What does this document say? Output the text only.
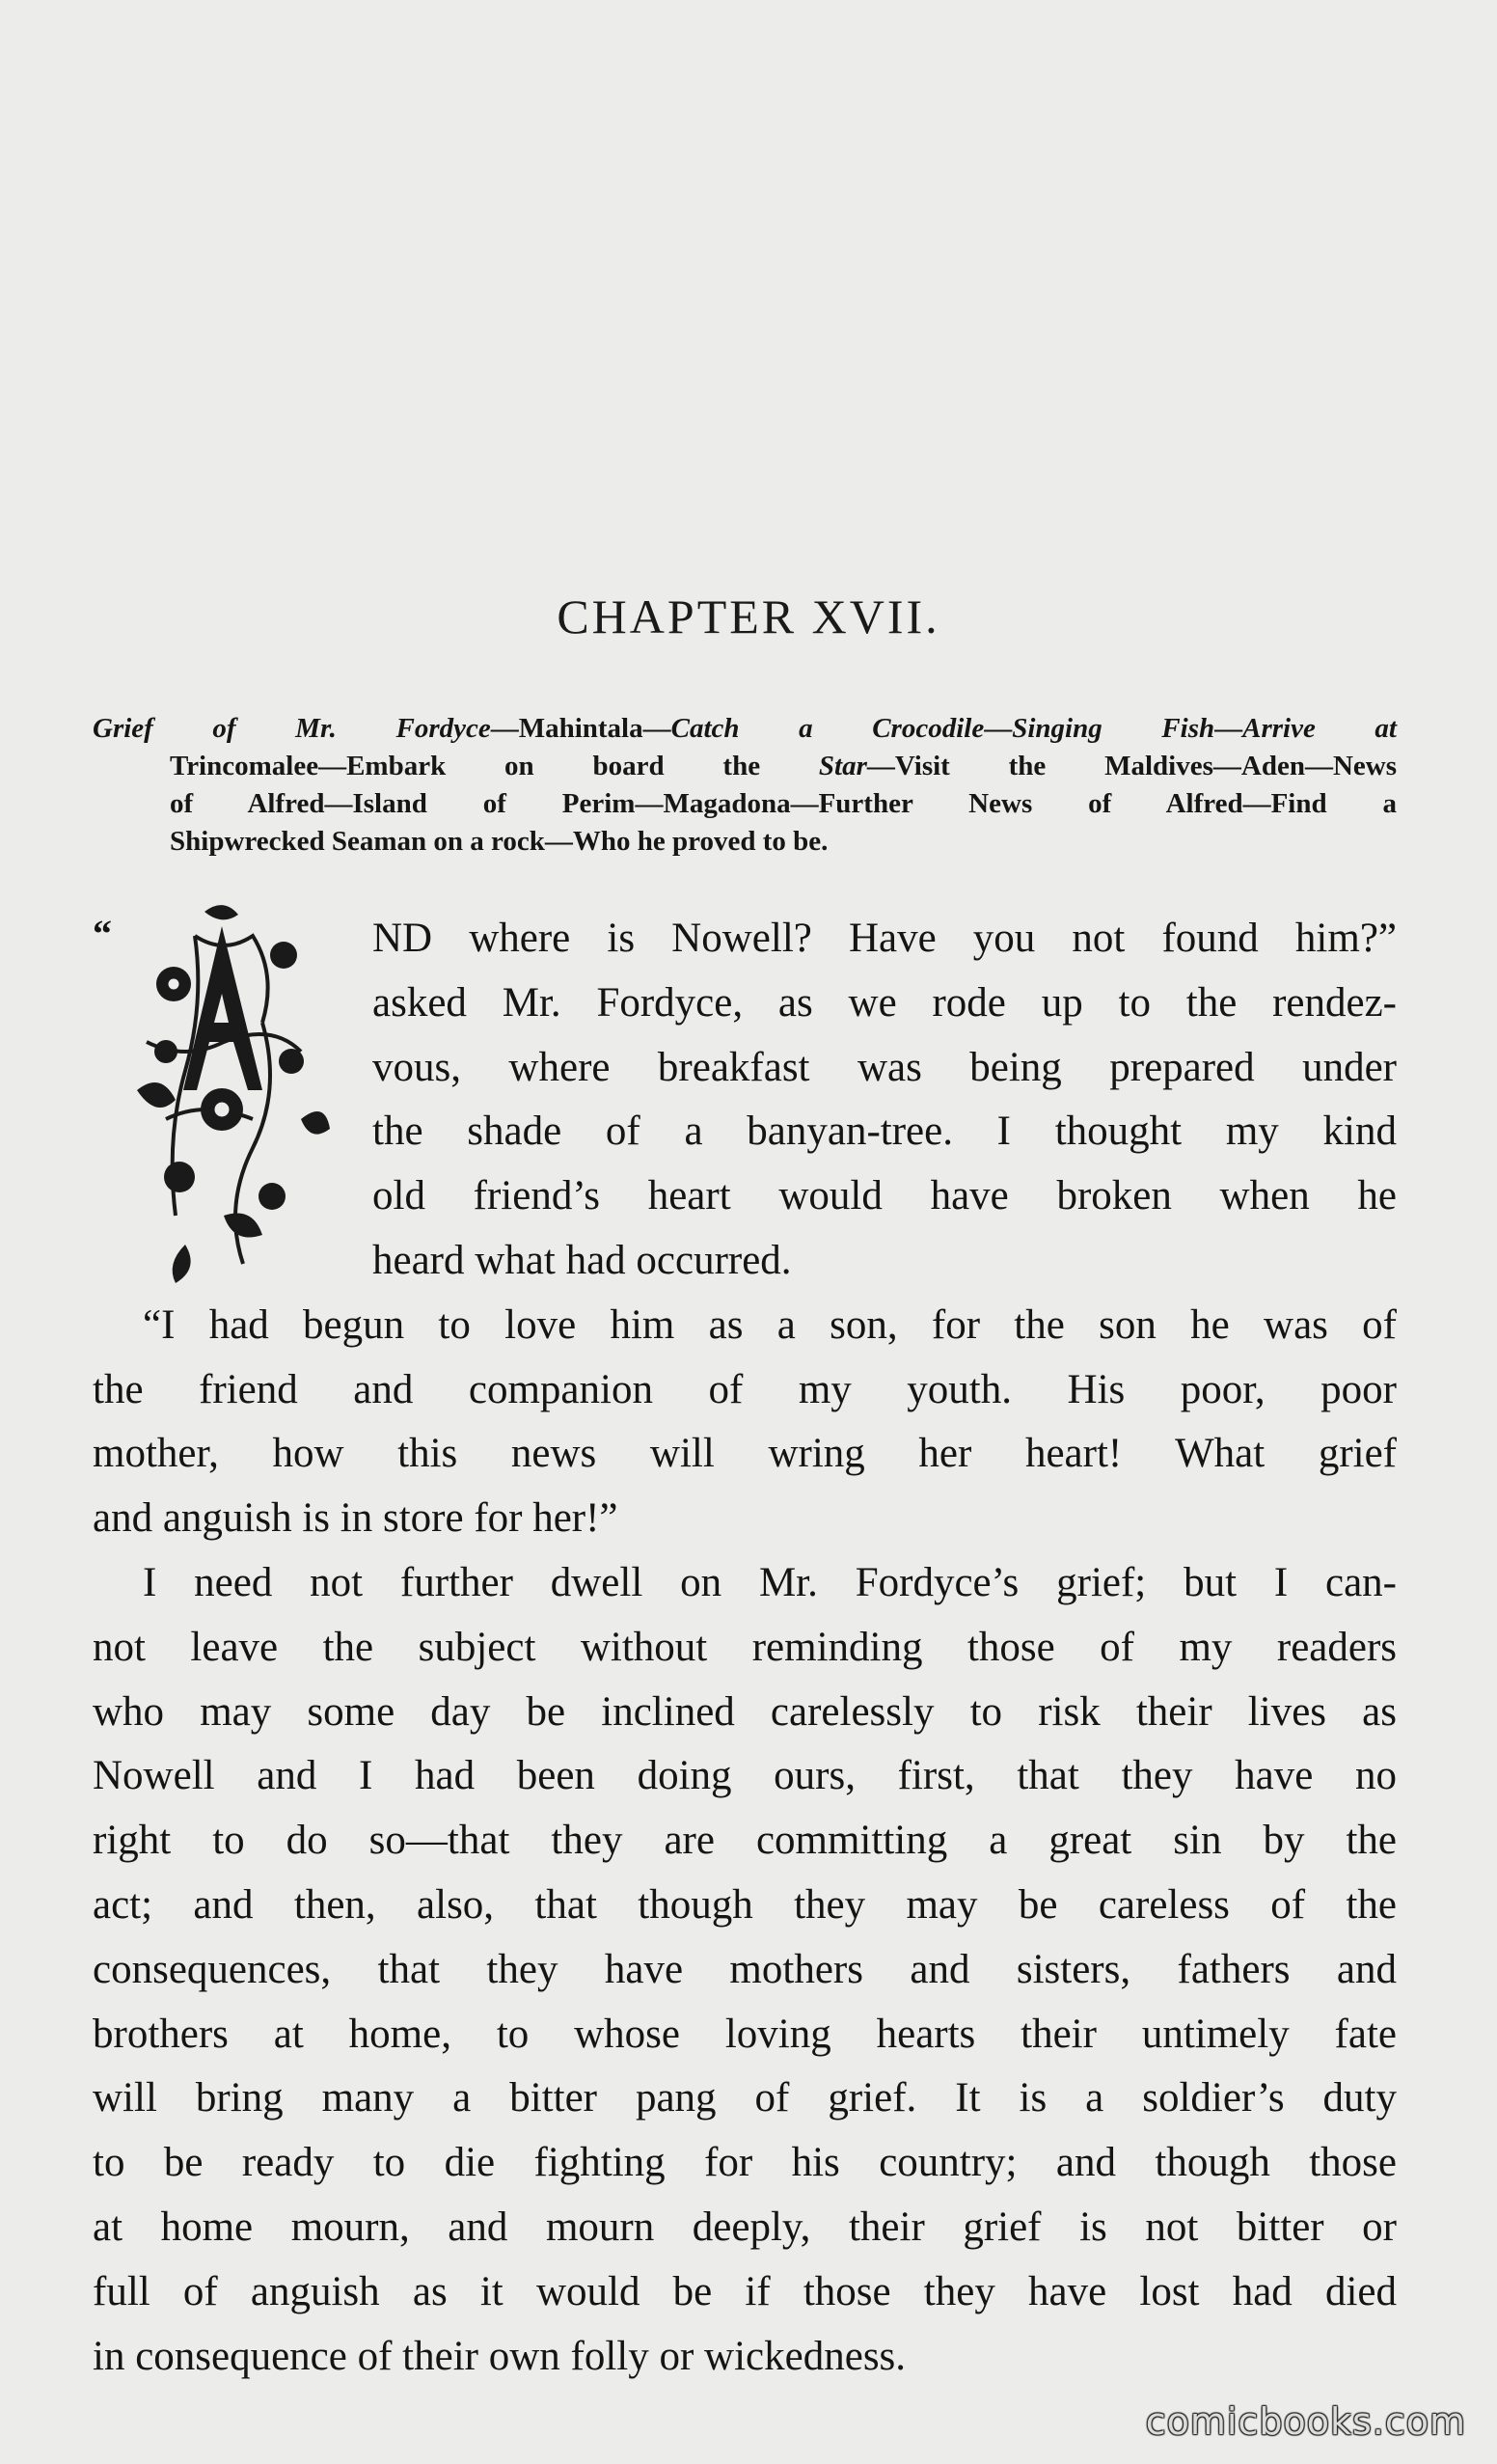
CHAPTER XVII.
Grief of Mr. Fordyce—Mahintala—Catch a Crocodile—Singing Fish—Arrive at
Trincomalee—Embark on board the Star—Visit the Maldives—Aden—News
of Alfred—Island of Perim—Magadona—Further News of Alfred—Find a
Shipwrecked Seaman on a rock—Who he proved to be.
“	ND where is Nowell? Have you not found him?”
asked Mr. Fordyce, as we rode up to the rendez-
vous, where breakfast was being prepared under
the shade of a banyan-tree. I thought my kind
old friend’s heart would have broken when he
heard what had occurred.
“I had begun to love him as a son, for the son he was of
the friend and companion of my youth. His poor, poor
mother, how this news will wring her heart! What grief
and anguish is in store for her!”
I need not further dwell on Mr. Fordyce’s grief; but I can-
not leave the subject without reminding those of my readers
who may some day be inclined carelessly to risk their lives as
Nowell and I had been doing ours, first, that they have no
right to do so—that they are committing a great sin by the
act; and then, also, that though they may be careless of the
consequences, that they have mothers and sisters, fathers and
brothers at home, to whose loving hearts their untimely fate
will bring many a bitter pang of grief. It is a soldier’s duty
to be ready to die fighting for his country; and though those
at home mourn, and mourn deeply, their grief is not bitter or
full of anguish as it would be if those they have lost had died
in consequence of their own folly or wickedness.
comicbooks.com
